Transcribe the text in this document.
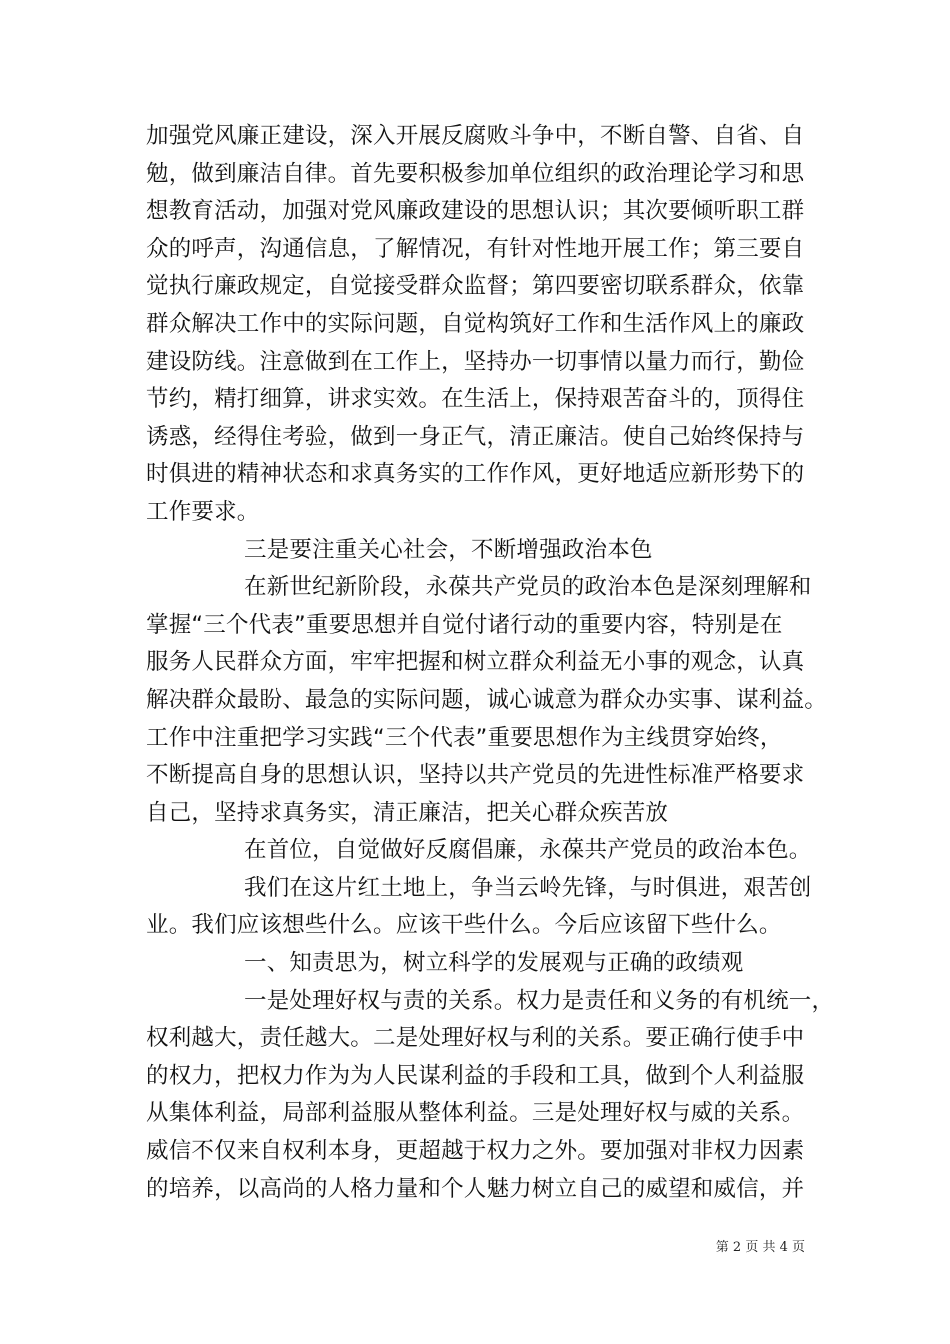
加强党风廉正建设，深入开展反腐败斗争中，不断自警、自省、自
勉，做到廉洁自律。首先要积极参加单位组织的政治理论学习和思
想教育活动，加强对党风廉政建设的思想认识；其次要倾听职工群
众的呼声，沟通信息，了解情况，有针对性地开展工作；第三要自
觉执行廉政规定，自觉接受群众监督；第四要密切联系群众，依靠
群众解决工作中的实际问题，自觉构筑好工作和生活作风上的廉政
建设防线。注意做到在工作上，坚持办一切事情以量力而行，勤俭
节约，精打细算，讲求实效。在生活上，保持艰苦奋斗的，顶得住
诱惑，经得住考验，做到一身正气，清正廉洁。使自己始终保持与
时俱进的精神状态和求真务实的工作作风，更好地适应新形势下的
工作要求。
三是要注重关心社会，不断增强政治本色
在新世纪新阶段，永葆共产党员的政治本色是深刻理解和
掌握“三个代表”重要思想并自觉付诸行动的重要内容，特别是在
服务人民群众方面，牢牢把握和树立群众利益无小事的观念，认真
解决群众最盼、最急的实际问题，诚心诚意为群众办实事、谋利益。
工作中注重把学习实践“三个代表”重要思想作为主线贯穿始终，
不断提高自身的思想认识，坚持以共产党员的先进性标准严格要求
自己，坚持求真务实，清正廉洁，把关心群众疾苦放
在首位，自觉做好反腐倡廉，永葆共产党员的政治本色。
我们在这片红土地上，争当云岭先锋，与时俱进，艰苦创
业。我们应该想些什么。应该干些什么。今后应该留下些什么。
一、知责思为，树立科学的发展观与正确的政绩观
一是处理好权与责的关系。权力是责任和义务的有机统一，
权利越大，责任越大。二是处理好权与利的关系。要正确行使手中
的权力，把权力作为为人民谋利益的手段和工具，做到个人利益服
从集体利益，局部利益服从整体利益。三是处理好权与威的关系。
威信不仅来自权利本身，更超越于权力之外。要加强对非权力因素
的培养，以高尚的人格力量和个人魅力树立自己的威望和威信，并
第 2 页 共 4 页
